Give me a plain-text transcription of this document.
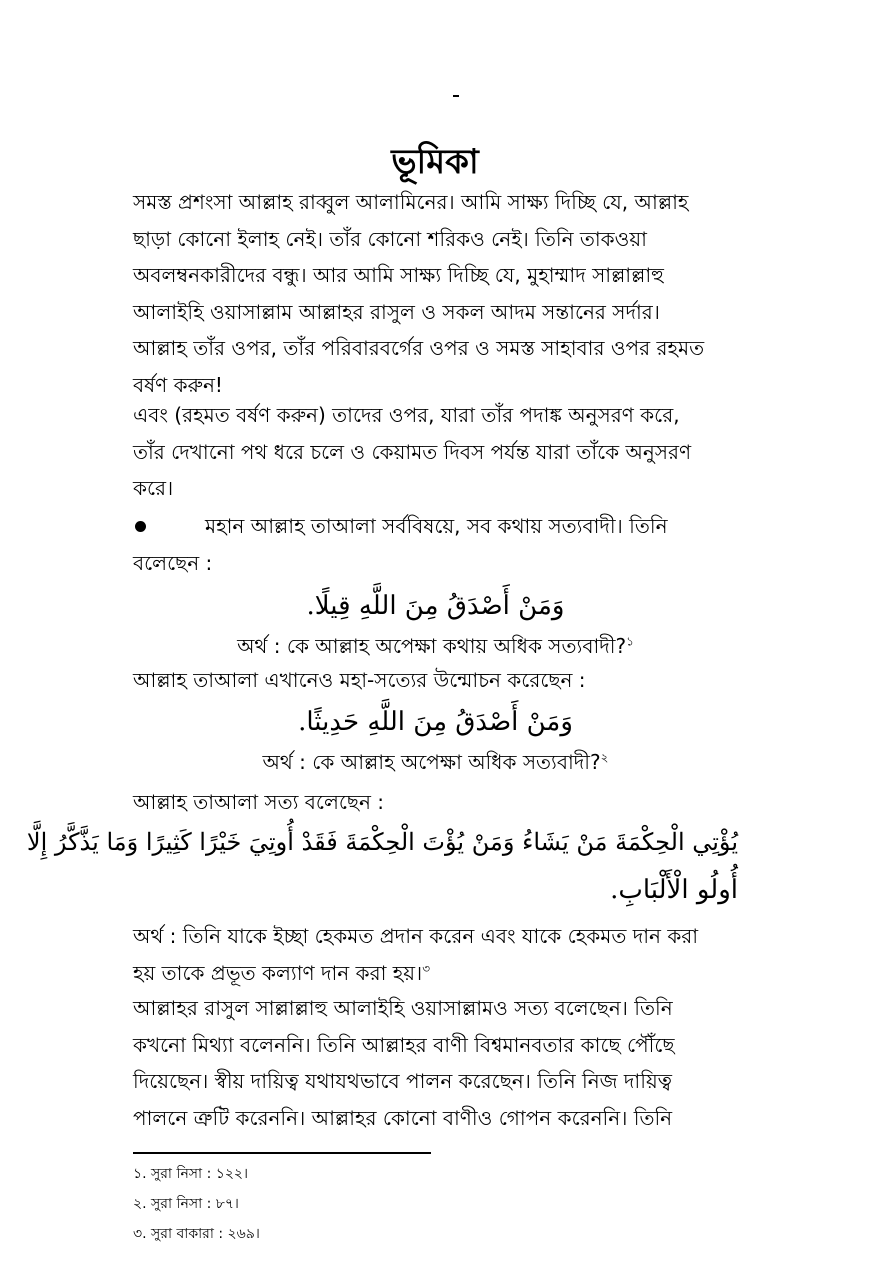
ভূমিকা
সমস্ত প্রশংসা আল্লাহ রাব্বুল আলামিনের। আমি সাক্ষ্য দিচ্ছি যে, আল্লাহ
ছাড়া কোনো ইলাহ নেই। তাঁর কোনো শরিকও নেই। তিনি তাকওয়া
অবলম্বনকারীদের বন্ধু। আর আমি সাক্ষ্য দিচ্ছি যে, মুহাম্মাদ সাল্লাল্লাহু
আলাইহি ওয়াসাল্লাম আল্লাহর রাসুল ও সকল আদম সন্তানের সর্দার।
আল্লাহ তাঁর ওপর, তাঁর পরিবারবর্গের ওপর ও সমস্ত সাহাবার ওপর রহমত
বর্ষণ করুন!
এবং (রহমত বর্ষণ করুন) তাদের ওপর, যারা তাঁর পদাঙ্ক অনুসরণ করে,
তাঁর দেখানো পথ ধরে চলে ও কেয়ামত দিবস পর্যন্ত যারা তাঁকে অনুসরণ
করে।
মহান আল্লাহ তাআলা সর্ববিষয়ে, সব কথায় সত্যবাদী। তিনি
বলেছেন :
وَمَنْ أَصْدَقُ مِنَ اللَّهِ قِيلًا.
অর্থ : কে আল্লাহ অপেক্ষা কথায় অধিক সত্যবাদী?$^১$
আল্লাহ তাআলা এখানেও মহা-সত্যের উন্মোচন করেছেন :
وَمَنْ أَصْدَقُ مِنَ اللَّهِ حَدِيثًا.
অর্থ : কে আল্লাহ অপেক্ষা অধিক সত্যবাদী?$^২$
আল্লাহ তাআলা সত্য বলেছেন :
يُؤْتِي الْحِكْمَةَ مَنْ يَشَاءُ وَمَنْ يُؤْتَ الْحِكْمَةَ فَقَدْ أُوتِيَ خَيْرًا كَثِيرًا وَمَا يَذَّكَّرُ إِلَّا
أُولُو الْأَلْبَابِ.
অর্থ : তিনি যাকে ইচ্ছা হেকমত প্রদান করেন এবং যাকে হেকমত দান করা
হয় তাকে প্রভূত কল্যাণ দান করা হয়।$^৩$
আল্লাহর রাসুল সাল্লাল্লাহু আলাইহি ওয়াসাল্লামও সত্য বলেছেন। তিনি
কখনো মিথ্যা বলেননি। তিনি আল্লাহর বাণী বিশ্বমানবতার কাছে পৌঁছে
দিয়েছেন। স্বীয় দায়িত্ব যথাযথভাবে পালন করেছেন। তিনি নিজ দায়িত্ব
পালনে ত্রুটি করেননি। আল্লাহর কোনো বাণীও গোপন করেননি। তিনি
১. সুরা নিসা : ১২২।
২. সুরা নিসা : ৮৭।
৩. সুরা বাকারা : ২৬৯।
